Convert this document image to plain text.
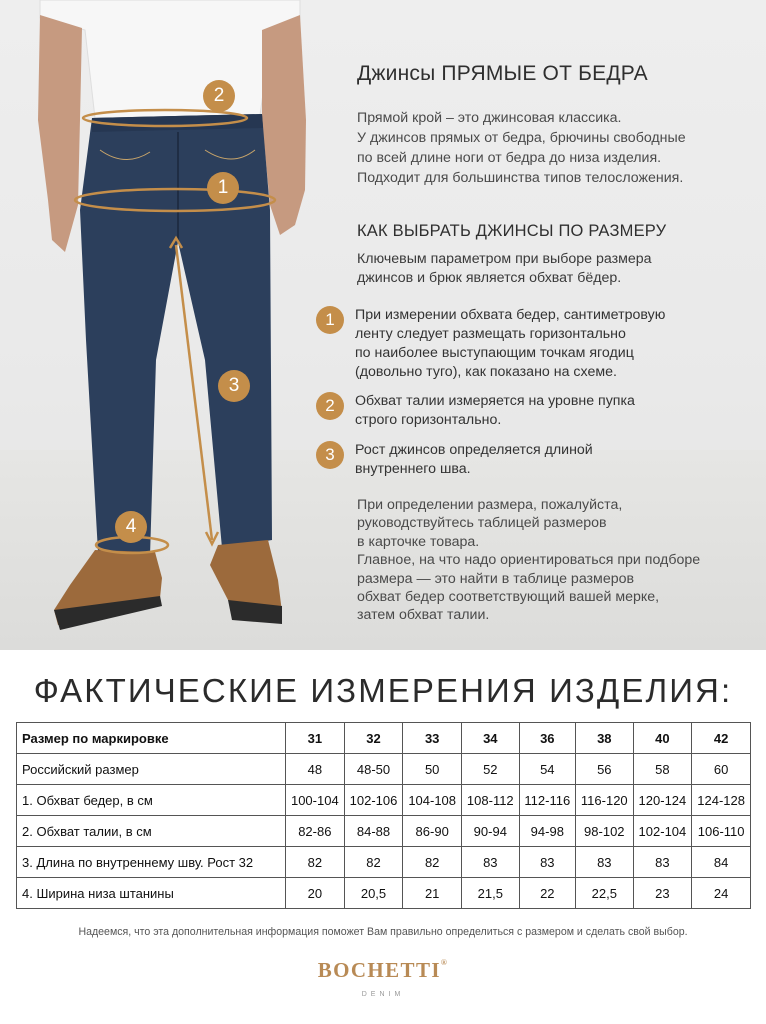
2
1
3
4
Джинсы ПРЯМЫЕ ОТ БЕДРА
Прямой крой – это джинсовая классика.
У джинсов прямых от бедра, брючины свободные
по всей длине ноги от бедра до низа изделия.
Подходит для большинства типов телосложения.
КАК ВЫБРАТЬ ДЖИНСЫ ПО РАЗМЕРУ
Ключевым параметром при выборе размера
джинсов и брюк является обхват бёдер.
1	При измерении обхвата бедер, сантиметровую
ленту следует размещать горизонтально
по наиболее выступающим точкам ягодиц
(довольно туго), как показано на схеме.
2	Обхват талии измеряется на уровне пупка
строго горизонтально.
3	Рост джинсов определяется длиной
внутреннего шва.
При определении размера, пожалуйста,
руководствуйтесь таблицей размеров
в карточке товара.
Главное, на что надо ориентироваться при подборе
размера — это найти в таблице размеров
обхват бедер соответствующий вашей мерке,
затем обхват талии.
ФАКТИЧЕСКИЕ ИЗМЕРЕНИЯ ИЗДЕЛИЯ:
Размер по маркировке	31	32	33	34	36	38	40	42
Российский размер	48	48-50	50	52	54	56	58	60
1. Обхват бедер, в см	100-104	102-106	104-108	108-112	112-116	116-120	120-124	124-128
2. Обхват талии, в см	82-86	84-88	86-90	90-94	94-98	98-102	102-104	106-110
3. Длина по внутреннему шву. Рост 32	82	82	82	83	83	83	83	84
4. Ширина низа штанины	20	20,5	21	21,5	22	22,5	23	24
Надеемся, что эта дополнительная информация поможет Вам правильно определиться с размером и сделать свой выбор.
BOCHETTI®
DENIM
